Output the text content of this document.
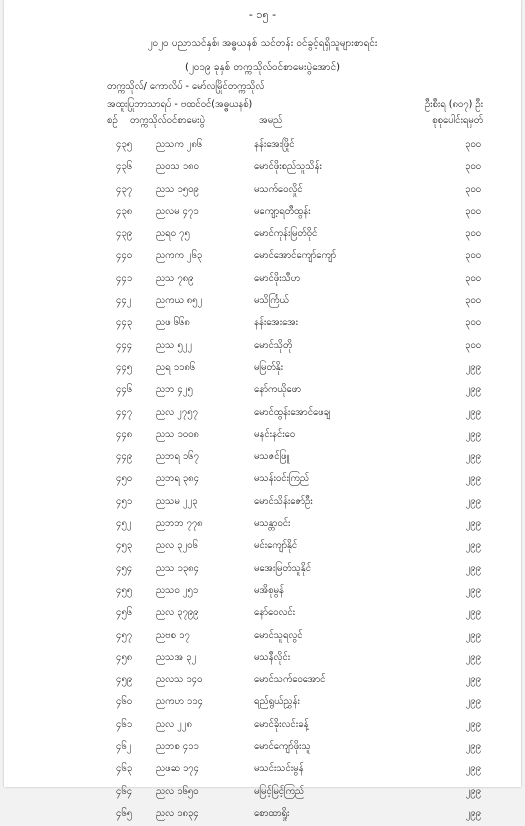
- ၁၅ -
၂၀၂၀ ပညာသင်နှစ်၊ အဓ္ဓယနစ် သင်တန်း ဝင်ခွင့်ရရှိသူများစာရင်း
(၂၀၁၉ ခုနှစ် တက္ကသိုလ်ဝင်စာမေးပွဲအောင်)
တက္ကသိုလ်/ ကောလိပ် - မော်လမြိုင်တက္ကသိုလ်
အထူးပြုဘာသာရပ် - ဗထင်ဝင်(အဓ္ဓယနစ်)	ဦးစီးရ (၈၀၇) ဦး
စုစုပေါင်းရမှတ်
စဉ် တက္ကသိုလ်ဝင်စာမေးပွဲ	အမည်
၄၃၅	ညသက ၂၈၆	နန်းအေးဖြိုင်	၃၀၀
၄၃၆	ညဝသ ၁၈၀	မောင်ဖိုးစည်သူသိန်း	၃၀၀
၄၃၇	ညသ ၁၅၀၉	မသက်ဝေလှိုင်	၃၀၀
၄၃၈	ညလမ ၄၇၁	မကျော့ရတီထွန်း	၃၀၀
၄၃၉	ညရ၀ ၇၅	မောင်ကုန်းမြတ်ဝိုင်	၃၀၀
၄၄၀	ညကက ၂၆၃	မောင်အောင်ကျော်ကျော်	၃၀၀
၄၄၁	ညသ ၇၈၉	မောင်ဖိုးသီဟ	၃၀၀
၄၄၂	ညကယ ၈၅၂	မသိင်္ကြယ်	၃၀၀
၄၄၃	ညဖ ၆၆၈	နန်းအေးအေး	၃၀၀
၄၄၄	ညသ ၅၂၂	မောင်သိုတို	၃၀၀
၄၄၅	ညရ ၁၁၈၆	မမြတ်နိုး	၂၉၉
၄၄၆	ညဘ ၄၂၅	နော်ကယိုဖော	၂၉၉
၄၄၇	ညလ ၂၇၅၇	မောင်ထွန်းအောင်ဖေချ	၂၉၉
၄၄၈	ညသ ၁၀၀၈	မနင်းနင်းဝေ	၂၉၉
၄၄၉	ညဘရ ၁၆၇	မသဇင်ဖြူ	၂၉၉
၄၅၀	ညဘရ ၃၈၄	မသန်းဝင်းကြည်	၂၉၉
၄၅၁	ညသမ ၂၂၃	မောင်သိန်းဇော်ဦး	၂၉၉
၄၅၂	ညဘဘ ၇၇၈	မသန္တာဝင်း	၂၉၉
၄၅၃	ညလ ၃၂၀၆	မင်းကျော်နိုင်	၂၉၉
၄၅၄	ညသ ၁၃၈၄	မအေးမြတ်သူနိုင်	၂၉၉
၄၅၅	ညသ၀ ၂၅၁	မအိစုမွန်	၂၉၉
၄၅၆	ညလ ၃၇၉၉	နော်ဝေလင်း	၂၉၉
၄၅၇	ညဗစ ၁၇	မောင်သူရလွင်	၂၉၉
၄၅၈	ညသအ ၃၂	မသနီလိုင်း	၂၉၉
၄၅၉	ညလသ ၁၄၀	မောင်သက်ဝေအောင်	၂၉၉
၄၆၀	ညကဟ ၁၁၄	ရည်ရွယ်ညွှန်း	၂၉၉
၄၆၁	ညလ ၂၂၈	မောင်ခိုးလင်းခန့်	၂၉၉
၄၆၂	ညဘစ ၄၁၁	မောင်ကျော်ဖိုးသူ	၂၉၉
၄၆၃	ညဖဆ ၁၇၄	မသင်းသင်းမွန်	၂၉၉
၄၆၄	ညလ ၁၆၅၀	မမြင့်မြင့်ကြည်	၂၉၉
၄၆၅	ညလ ၁၈၃၄	စောထာရှိုး	၂၉၉
